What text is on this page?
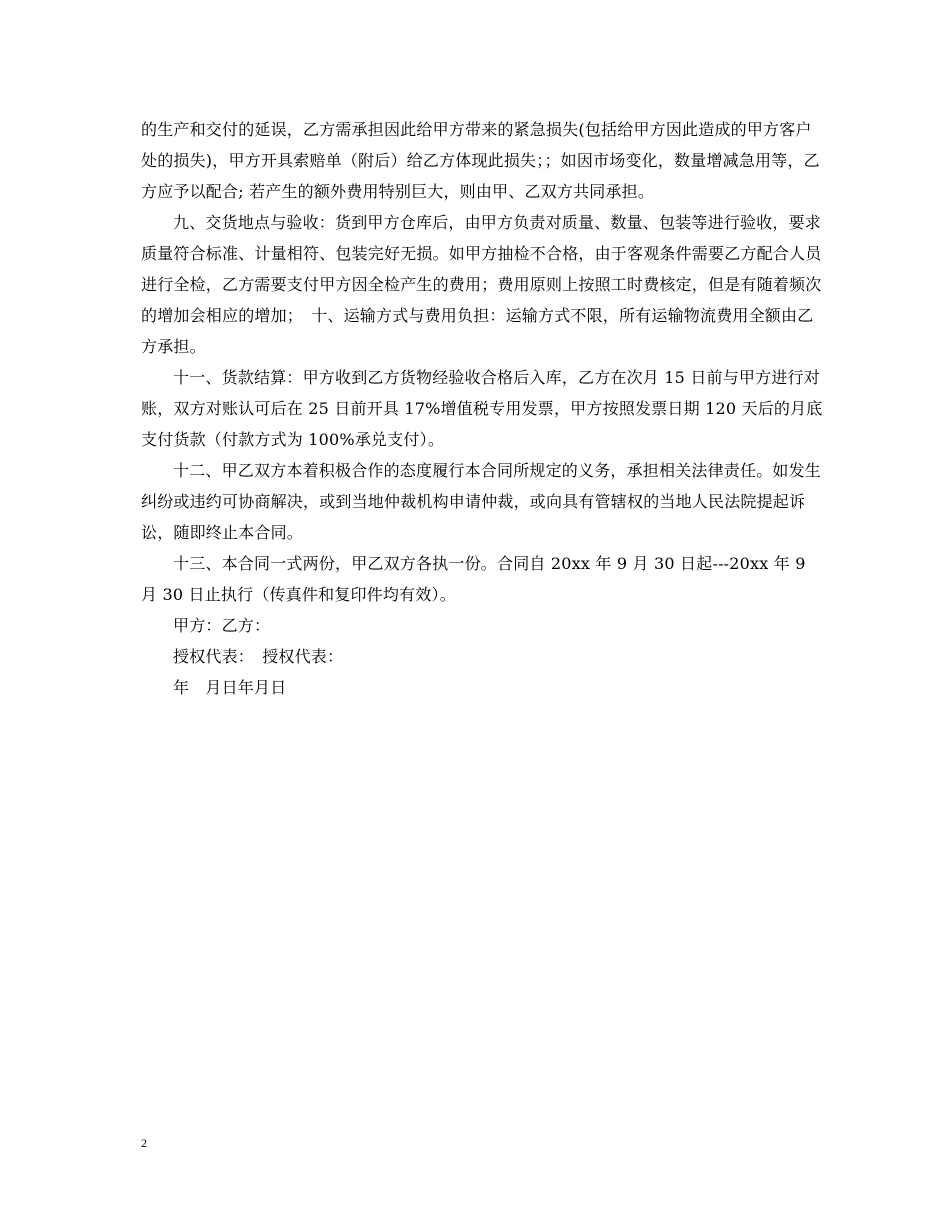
的生产和交付的延误，乙方需承担因此给甲方带来的紧急损失(包括给甲方因此造成的甲方客户处的损失)，甲方开具索赔单（附后）给乙方体现此损失；；如因市场变化，数量增减急用等，乙方应予以配合; 若产生的额外费用特别巨大，则由甲、乙双方共同承担。

九、交货地点与验收：货到甲方仓库后，由甲方负责对质量、数量、包装等进行验收，要求质量符合标准、计量相符、包装完好无损。如甲方抽检不合格，由于客观条件需要乙方配合人员进行全检，乙方需要支付甲方因全检产生的费用；费用原则上按照工时费核定，但是有随着频次的增加会相应的增加；　十、运输方式与费用负担：运输方式不限，所有运输物流费用全额由乙方承担。

十一、货款结算：甲方收到乙方货物经验收合格后入库，乙方在次月 15 日前与甲方进行对账，双方对账认可后在 25 日前开具 17%增值税专用发票，甲方按照发票日期 120 天后的月底支付货款（付款方式为 100%承兑支付）。

十二、甲乙双方本着积极合作的态度履行本合同所规定的义务，承担相关法律责任。如发生纠纷或违约可协商解决，或到当地仲裁机构申请仲裁，或向具有管辖权的当地人民法院提起诉讼，随即终止本合同。

十三、本合同一式两份，甲乙双方各执一份。合同自 20xx 年 9 月 30 日起---20xx 年 9 月 30 日止执行（传真件和复印件均有效）。

甲方：乙方：

授权代表：　授权代表：

年　月日年月日

2
